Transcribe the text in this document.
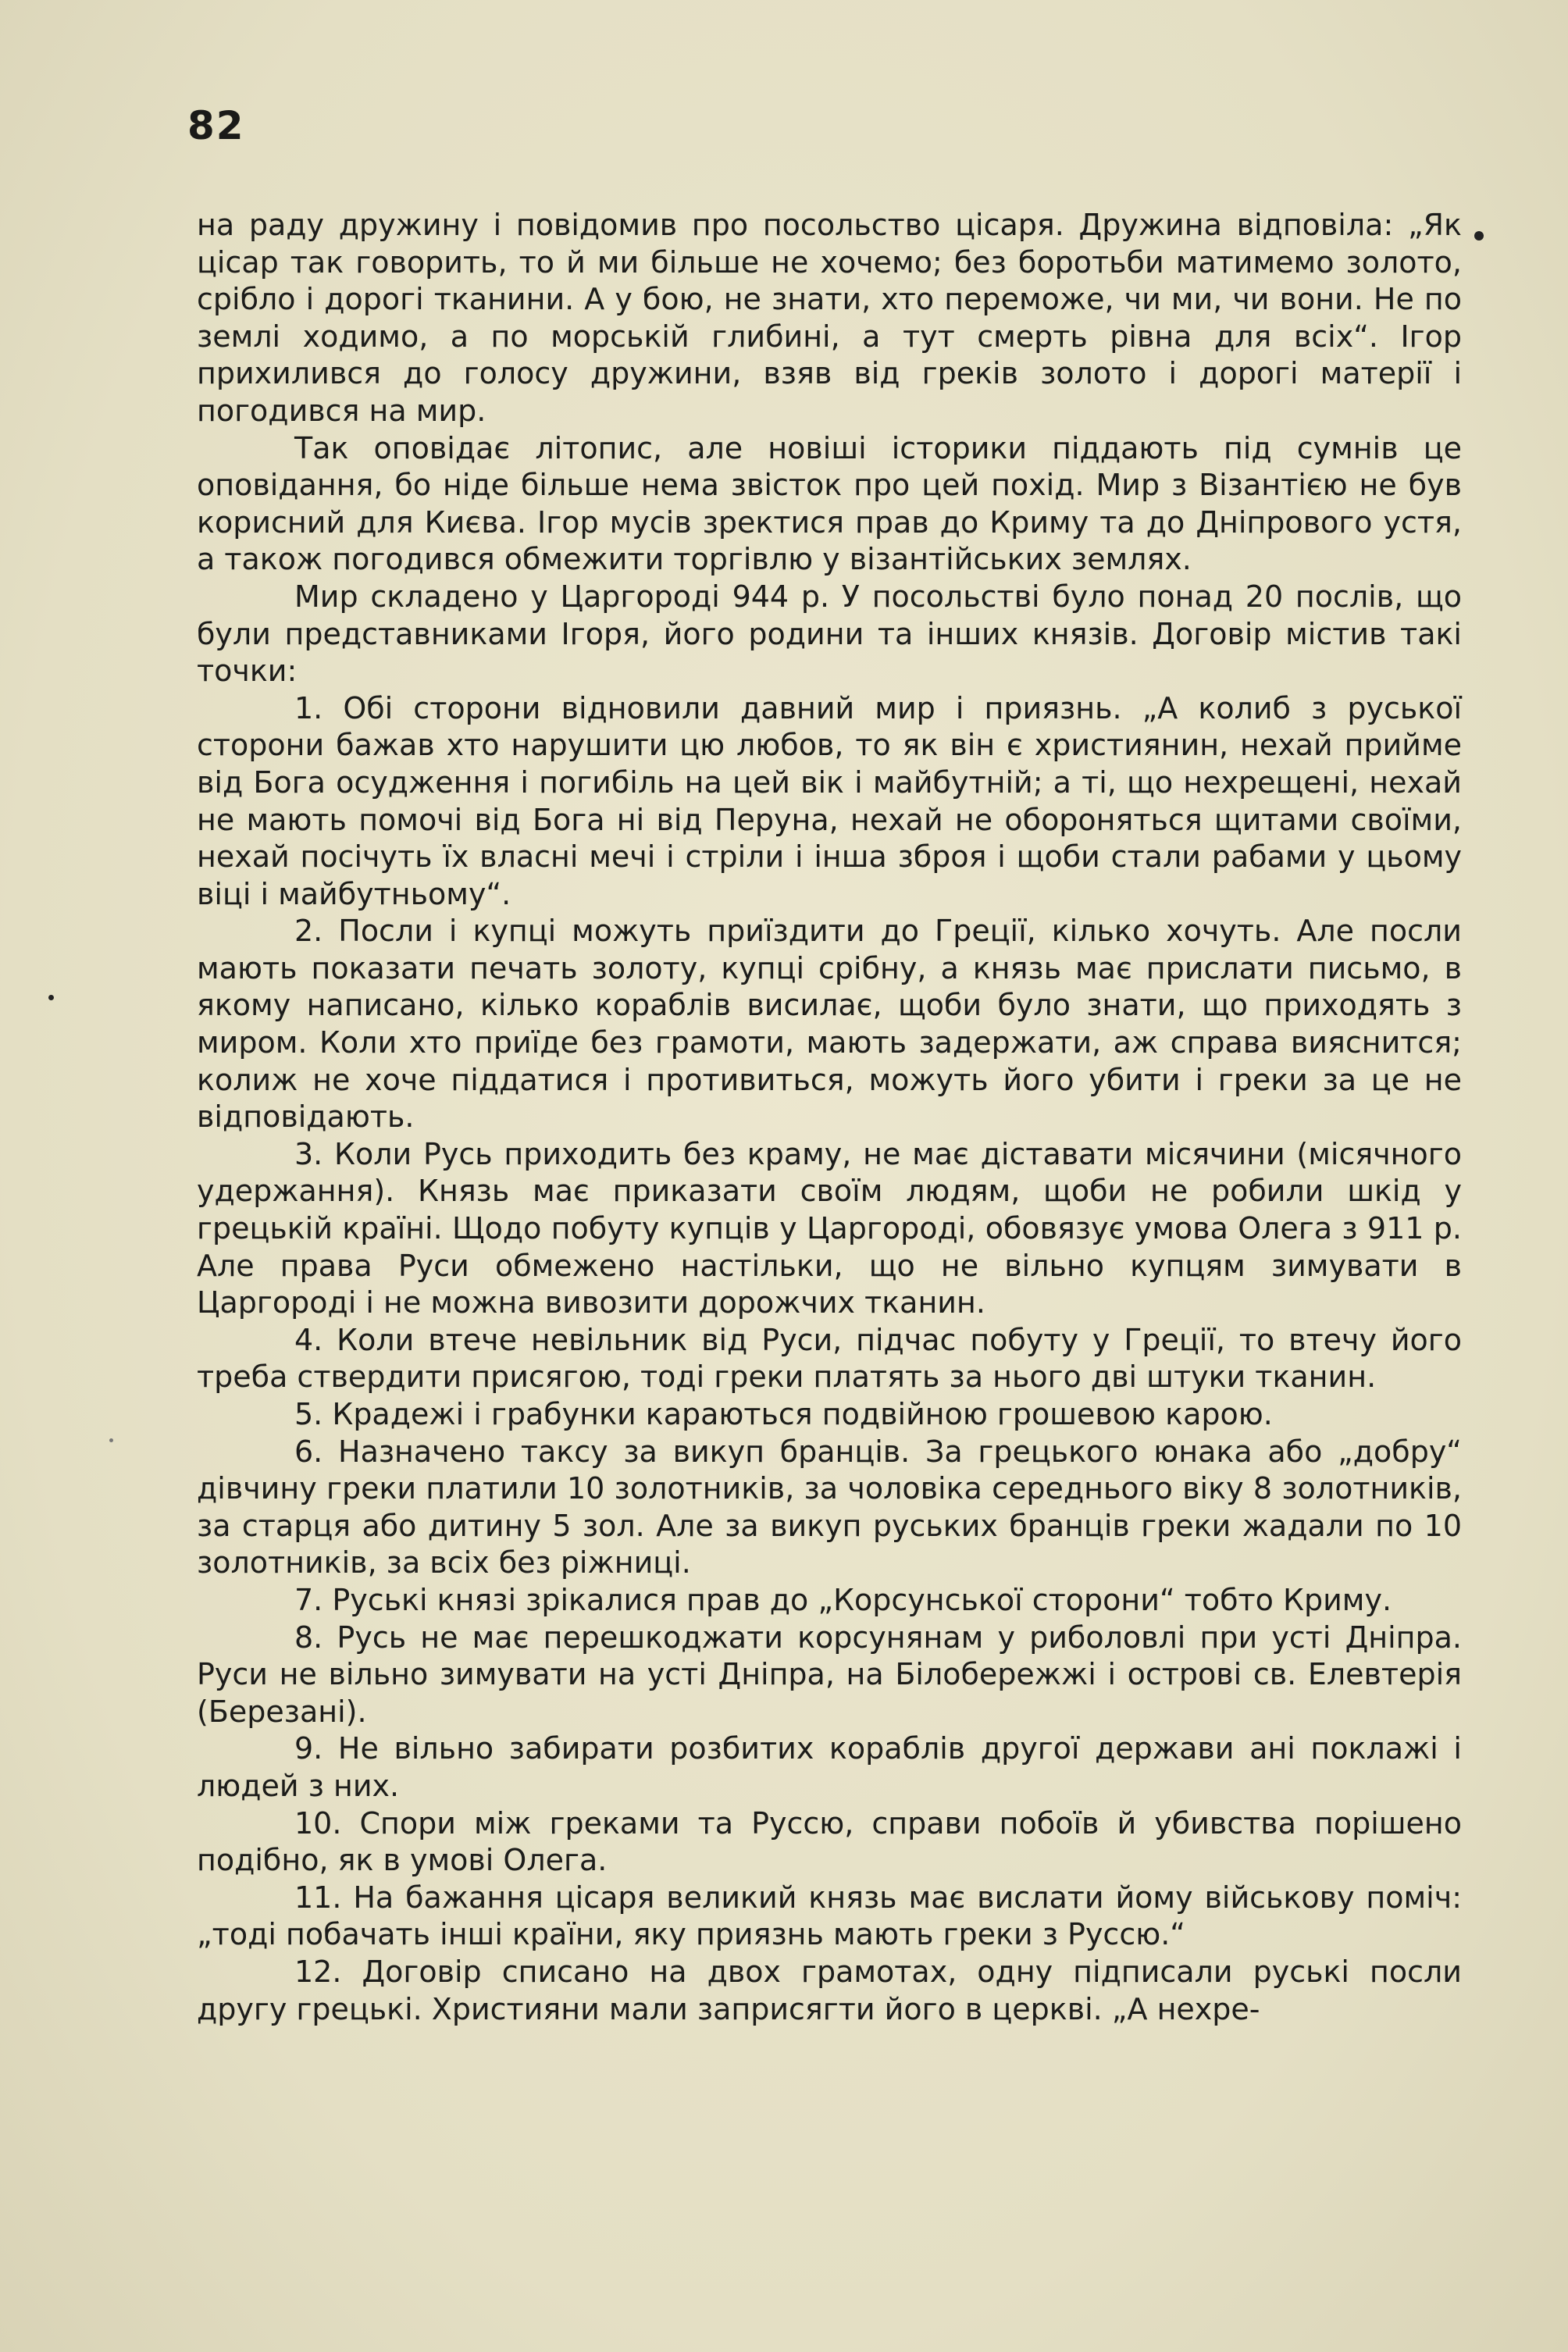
82

на раду дружину і повідомив про посольство цісаря. Дружина відповіла: „Як цісар так говорить, то й ми більше не хочемо; без боротьби матимемо золото, срібло і дорогі тканини. А у бою, не знати, хто переможе, чи ми, чи вони. Не по землі ходимо, а по морській глибині, а тут смерть рівна для всіх“. Ігор прихилився до голосу дружини, взяв від греків золото і дорогі матерії і погодився на мир.

Так оповідає літопис, але новіші історики піддають під сумнів це оповідання, бо ніде більше нема звісток про цей похід. Мир з Візантією не був корисний для Києва. Ігор мусів зректися прав до Криму та до Дніпрового устя, а також погодився обмежити торгівлю у візантійських землях.

Мир складено у Царгороді 944 р. У посольстві було понад 20 послів, що були представниками Ігоря, його родини та інших князів. Договір містив такі точки:

1. Обі сторони відновили давний мир і приязнь. „А колиб з руської сторони бажав хто нарушити цю любов, то як він є християнин, нехай прийме від Бога осудження і погибіль на цей вік і майбутній; а ті, що нехрещені, нехай не мають помочі від Бога ні від Перуна, нехай не обороняться щитами своїми, нехай посічуть їх власні мечі і стріли і інша зброя і щоби стали рабами у цьому віці і майбутньому“.

2. Посли і купці можуть приїздити до Греції, кілько хочуть. Але посли мають показати печать золоту, купці срібну, а князь має прислати письмо, в якому написано, кілько кораблів висилає, щоби було знати, що приходять з миром. Коли хто приїде без грамоти, мають задержати, аж справа вияснится; колиж не хоче піддатися і противиться, можуть його убити і греки за це не відповідають.

3. Коли Русь приходить без краму, не має діставати місячини (місячного удержання). Князь має приказати своїм людям, щоби не робили шкід у грецькій країні. Щодо побуту купців у Царгороді, обовязує умова Олега з 911 р. Але права Руси обмежено настільки, що не вільно купцям зимувати в Царгороді і не можна вивозити дорожчих тканин.

4. Коли втече невільник від Руси, підчас побуту у Греції, то втечу його треба ствердити присягою, тоді греки платять за нього дві штуки тканин.

5. Крадежі і грабунки караються подвійною грошевою карою.

6. Назначено таксу за викуп бранців. За грецького юнака або „добру“ дівчину греки платили 10 золотників, за чоловіка середнього віку 8 золотників, за старця або дитину 5 зол. Але за викуп руських бранців греки жадали по 10 золотників, за всіх без ріжниці.

7. Руські князі зрікалися прав до „Корсунської сторони“ тобто Криму.

8. Русь не має перешкоджати корсунянам у риболовлі при усті Дніпра. Руси не вільно зимувати на усті Дніпра, на Білобережжі і острові св. Елевтерія (Березані).

9. Не вільно забирати розбитих кораблів другої держави ані поклажі і людей з них.

10. Спори між греками та Руссю, справи побоїв й убивства порішено подібно, як в умові Олега.

11. На бажання цісаря великий князь має вислати йому військову поміч: „тоді побачать інші країни, яку приязнь мають греки з Руссю.“

12. Договір списано на двох грамотах, одну підписали руські посли другу грецькі. Християни мали заприсягти його в церкві. „А нехре-
